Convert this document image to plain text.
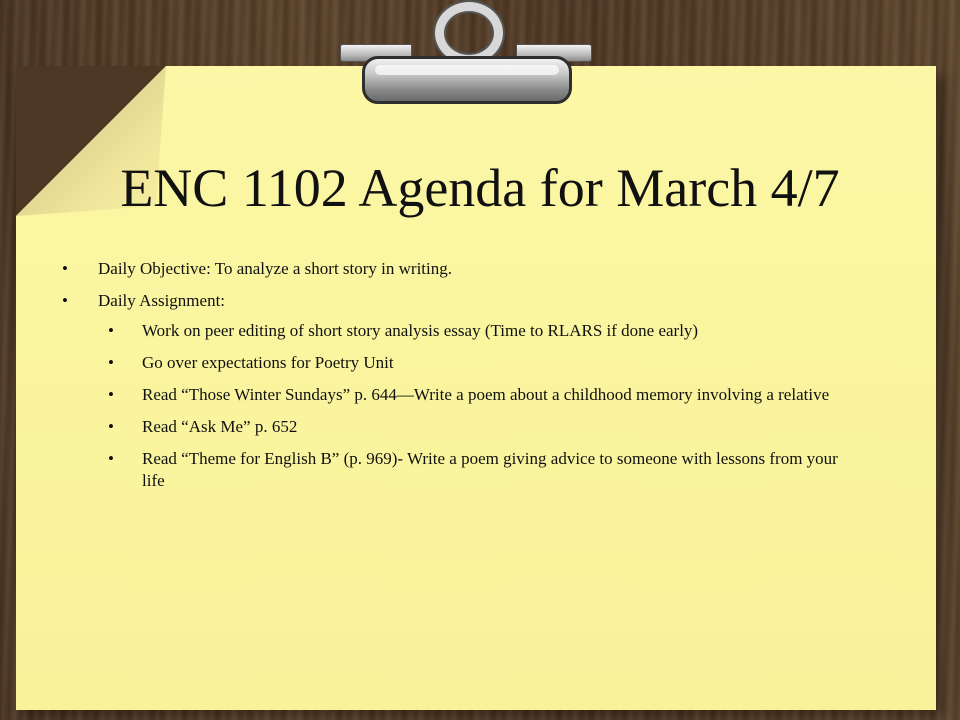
ENC 1102 Agenda for March 4/7
• Daily Objective: To analyze a short story in writing.
• Daily Assignment:
• Work on peer editing of short story analysis essay (Time to RLARS if done early)
• Go over expectations for Poetry Unit
• Read “Those Winter Sundays” p. 644—Write a poem about a childhood memory involving a relative
• Read “Ask Me” p. 652
• Read “Theme for English B” (p. 969)- Write a poem giving advice to someone with lessons from your life
